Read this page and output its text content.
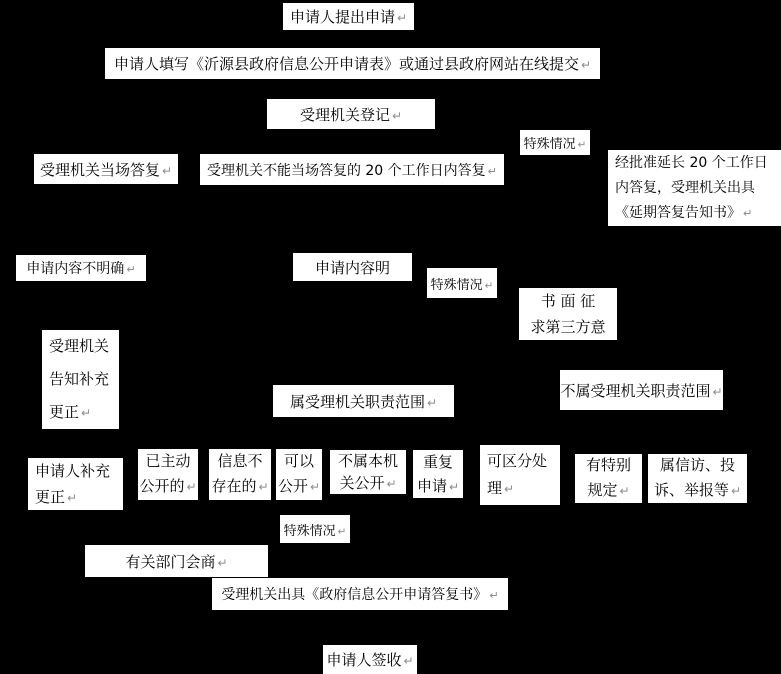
申请人提出申请 ↵
申请人填写《沂源县政府信息公开申请表》或通过县政府网站在线提交 ↵
受理机关登记 ↵
特殊情况 ↵
受理机关当场答复 ↵	受理机关不能当场答复的 20 个工作日内答复 ↵
经批准延长 20 个工作日
内答复，受理机关出具
《延期答复告知书》 ↵
申请内容不明确 ↵	申请内容明
特殊情况 ↵
书 面 征
求第三方意
受理机关
告知补充
更正 ↵
属受理机关职责范围 ↵
不属受理机关职责范围 ↵
申请人补充
更正 ↵
已主动
公开的 ↵
信息不
存在的 ↵
可以
公开 ↵
不属本机
关公开 ↵
重复
申请 ↵
可区分处
理 ↵
有特别
规定 ↵
属信访、投
诉、举报等 ↵
特殊情况 ↵
有关部门会商 ↵
受理机关出具《政府信息公开申请答复书》 ↵
申请人签收 ↵
